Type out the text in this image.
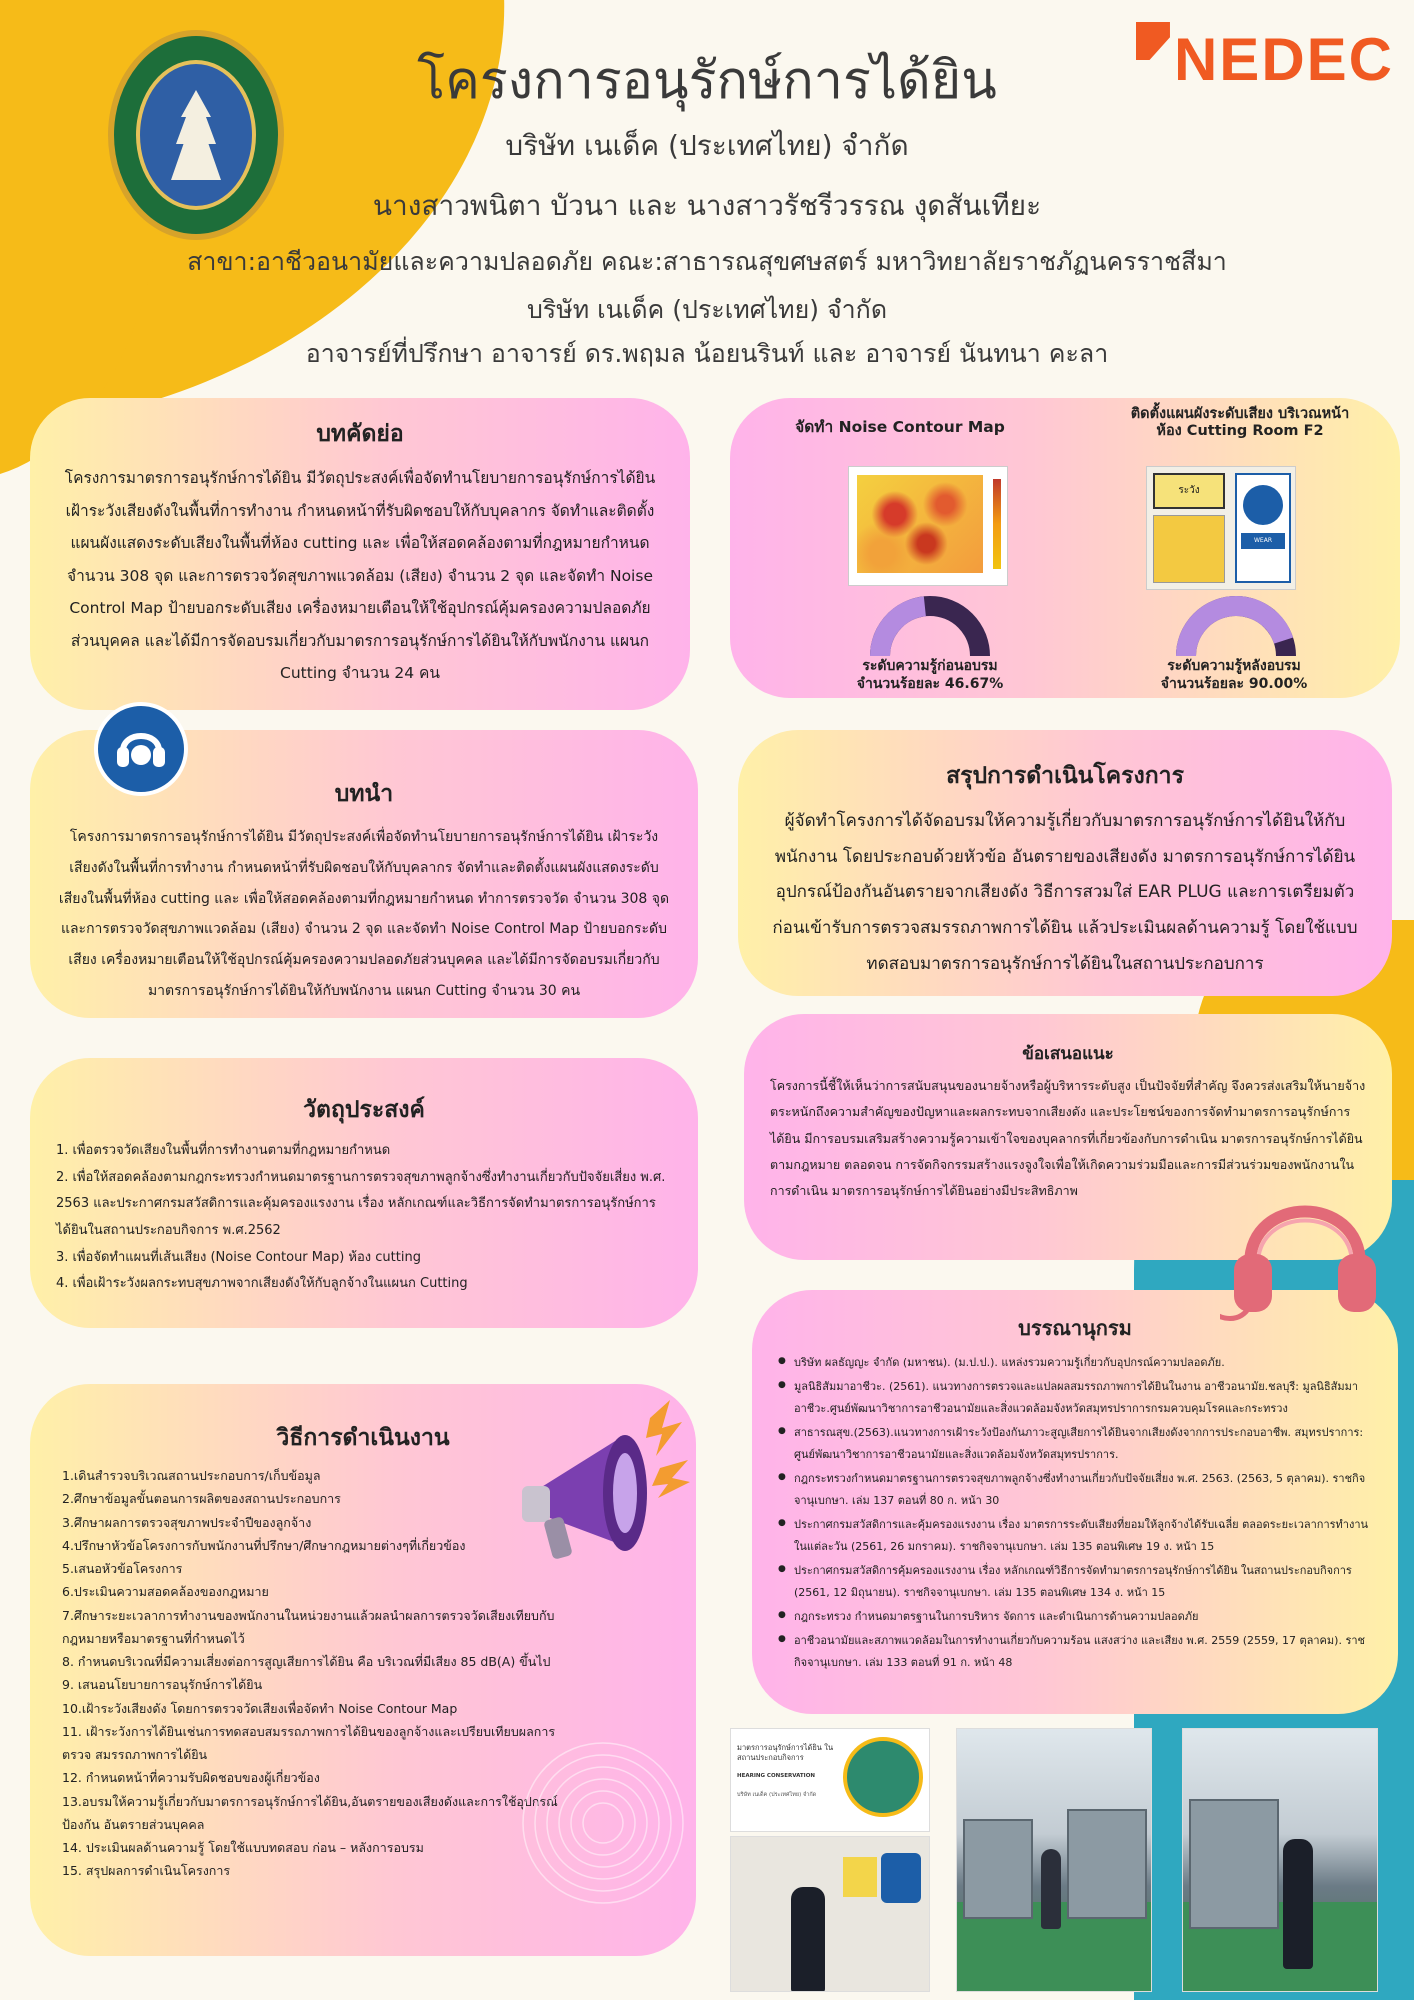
NEDEC
โครงการอนุรักษ์การได้ยิน
บริษัท เนเด็ค (ประเทศไทย) จำกัด
นางสาวพนิตา บัวนา และ นางสาวรัชรีวรรณ งุดสันเทียะ
สาขา:อาชีวอนามัยและความปลอดภัย คณะ:สาธารณสุขศษสตร์ มหาวิทยาลัยราชภัฏนครราชสีมา
บริษัท เนเด็ค (ประเทศไทย) จำกัด
อาจารย์ที่ปรึกษา อาจารย์ ดร.พฤมล น้อยนรินท์ และ อาจารย์ นันทนา คะลา
บทคัดย่อ

โครงการมาตรการอนุรักษ์การได้ยิน มีวัตถุประสงค์เพื่อจัดทำนโยบายการอนุรักษ์การได้ยิน เฝ้าระวังเสียงดังในพื้นที่การทำงาน กำหนดหน้าที่รับผิดชอบให้กับบุคลากร จัดทำและติดตั้งแผนผังแสดงระดับเสียงในพื้นที่ห้อง cutting และ เพื่อให้สอดคล้องตามที่กฎหมายกำหนด จำนวน 308 จุด และการตรวจวัดสุขภาพแวดล้อม (เสียง) จำนวน 2 จุด และจัดทำ Noise Control Map ป้ายบอกระดับเสียง เครื่องหมายเตือนให้ใช้อุปกรณ์คุ้มครองความปลอดภัยส่วนบุคคล และได้มีการจัดอบรมเกี่ยวกับมาตรการอนุรักษ์การได้ยินให้กับพนักงาน แผนก Cutting จำนวน 24 คน

บทนำ

โครงการมาตรการอนุรักษ์การได้ยิน มีวัตถุประสงค์เพื่อจัดทำนโยบายการอนุรักษ์การได้ยิน เฝ้าระวังเสียงดังในพื้นที่การทำงาน กำหนดหน้าที่รับผิดชอบให้กับบุคลากร จัดทำและติดตั้งแผนผังแสดงระดับเสียงในพื้นที่ห้อง cutting และ เพื่อให้สอดคล้องตามที่กฎหมายกำหนด ทำการตรวจวัด จำนวน 308 จุด และการตรวจวัดสุขภาพแวดล้อม (เสียง) จำนวน 2 จุด และจัดทำ Noise Control Map ป้ายบอกระดับเสียง เครื่องหมายเตือนให้ใช้อุปกรณ์คุ้มครองความปลอดภัยส่วนบุคคล และได้มีการจัดอบรมเกี่ยวกับมาตรการอนุรักษ์การได้ยินให้กับพนักงาน แผนก Cutting จำนวน 30 คน

วัตถุประสงค์
1. เพื่อตรวจวัดเสียงในพื้นที่การทำงานตามที่กฎหมายกำหนด
2. เพื่อให้สอดคล้องตามกฎกระทรวงกำหนดมาตรฐานการตรวจสุขภาพลูกจ้างซึ่งทำงานเกี่ยวกับปัจจัยเสี่ยง พ.ศ. 2563 และประกาศกรมสวัสดิการและคุ้มครองแรงงาน เรื่อง หลักเกณฑ์และวิธีการจัดทำมาตรการอนุรักษ์การได้ยินในสถานประกอบกิจการ พ.ศ.2562
3. เพื่อจัดทำแผนที่เส้นเสียง (Noise Contour Map) ห้อง cutting
4. เพื่อเฝ้าระวังผลกระทบสุขภาพจากเสียงดังให้กับลูกจ้างในแผนก Cutting
วิธีการดำเนินงาน
1.เดินสำรวจบริเวณสถานประกอบการ/เก็บข้อมูล
2.ศึกษาข้อมูลขั้นตอนการผลิตของสถานประกอบการ
3.ศึกษาผลการตรวจสุขภาพประจำปีของลูกจ้าง
4.ปรึกษาหัวข้อโครงการกับพนักงานที่ปรึกษา/ศึกษากฎหมายต่างๆที่เกี่ยวข้อง
5.เสนอหัวข้อโครงการ
6.ประเมินความสอดคล้องของกฎหมาย
7.ศึกษาระยะเวลาการทำงานของพนักงานในหน่วยงานแล้วผลนำผลการตรวจวัดเสียงเทียบกับ กฎหมายหรือมาตรฐานที่กำหนดไว้
8. กำหนดบริเวณที่มีความเสี่ยงต่อการสูญเสียการได้ยิน คือ บริเวณที่มีเสียง 85 dB(A) ขึ้นไป
9. เสนอนโยบายการอนุรักษ์การได้ยิน
10.เฝ้าระวังเสียงดัง โดยการตรวจวัดเสียงเพื่อจัดทำ Noise Contour Map
11. เฝ้าระวังการได้ยินเช่นการทดสอบสมรรถภาพการได้ยินของลูกจ้างและเปรียบเทียบผลการตรวจ สมรรถภาพการได้ยิน
12. กำหนดหน้าที่ความรับผิดชอบของผู้เกี่ยวข้อง
13.อบรมให้ความรู้เกี่ยวกับมาตรการอนุรักษ์การได้ยิน,อันตรายของเสียงดังและการใช้อุปกรณ์ป้องกัน อันตรายส่วนบุคคล
14. ประเมินผลด้านความรู้ โดยใช้แบบทดสอบ ก่อน – หลังการอบรม
15. สรุปผลการดำเนินโครงการ
จัดทำ Noise Contour Map
ระดับความรู้ก่อนอบรม
จำนวนร้อยละ 46.67%
ติดตั้งแผนผังระดับเสียง บริเวณหน้าห้อง Cutting Room F2
ระวัง
WEAR EARMUFF
ระดับความรู้หลังอบรม
จำนวนร้อยละ 90.00%
สรุปการดำเนินโครงการ

ผู้จัดทำโครงการได้จัดอบรมให้ความรู้เกี่ยวกับมาตรการอนุรักษ์การได้ยินให้กับพนักงาน โดยประกอบด้วยหัวข้อ อันตรายของเสียงดัง มาตรการอนุรักษ์การได้ยิน อุปกรณ์ป้องกันอันตรายจากเสียงดัง วิธีการสวมใส่ EAR PLUG และการเตรียมตัวก่อนเข้ารับการตรวจสมรรถภาพการได้ยิน แล้วประเมินผลด้านความรู้ โดยใช้แบบทดสอบมาตรการอนุรักษ์การได้ยินในสถานประกอบการ

ข้อเสนอแนะ

โครงการนี้ชี้ให้เห็นว่าการสนับสนุนของนายจ้างหรือผู้บริหารระดับสูง เป็นปัจจัยที่สำคัญ จึงควรส่งเสริมให้นายจ้างตระหนักถึงความสำคัญของปัญหาและผลกระทบจากเสียงดัง และประโยชน์ของการจัดทำมาตรการอนุรักษ์การได้ยิน มีการอบรมเสริมสร้างความรู้ความเข้าใจของบุคลากรที่เกี่ยวข้องกับการดำเนิน มาตรการอนุรักษ์การได้ยินตามกฎหมาย ตลอดจน การจัดกิจกรรมสร้างแรงจูงใจเพื่อให้เกิดความร่วมมือและการมีส่วนร่วมของพนักงานในการดำเนิน มาตรการอนุรักษ์การได้ยินอย่างมีประสิทธิภาพ

บรรณานุกรม
● บริษัท ผลธัญญะ จำกัด (มหาชน). (ม.ป.ป.). แหล่งรวมความรู้เกี่ยวกับอุปกรณ์ความปลอดภัย.
● มูลนิธิสัมมาอาชีวะ. (2561). แนวทางการตรวจและแปลผลสมรรถภาพการได้ยินในงาน อาชีวอนามัย.ชลบุรี: มูลนิธิสัมมาอาชีวะ.ศูนย์พัฒนาวิชาการอาชีวอนามัยและสิ่งแวดล้อมจังหวัดสมุทรปราการกรมควบคุมโรคและกระทรวง
● สาธารณสุข.(2563).แนวทางการเฝ้าระวังป้องกันภาวะสูญเสียการได้ยินจากเสียงดังจากการประกอบอาชีพ. สมุทรปราการ: ศูนย์พัฒนาวิชาการอาชีวอนามัยและสิ่งแวดล้อมจังหวัดสมุทรปราการ.
● กฎกระทรวงกำหนดมาตรฐานการตรวจสุขภาพลูกจ้างซึ่งทำงานเกี่ยวกับปัจจัยเสี่ยง พ.ศ. 2563. (2563, 5 ตุลาคม). ราชกิจจานุเบกษา. เล่ม 137 ตอนที่ 80 ก. หน้า 30
● ประกาศกรมสวัสดิการและคุ้มครองแรงงาน เรื่อง มาตรการระดับเสียงที่ยอมให้ลูกจ้างได้รับเฉลี่ย ตลอดระยะเวลาการทำงานในแต่ละวัน (2561, 26 มกราคม). ราชกิจจานุเบกษา. เล่ม 135 ตอนพิเศษ 19 ง. หน้า 15
● ประกาศกรมสวัสดิการคุ้มครองแรงงาน เรื่อง หลักเกณฑ์วิธีการจัดทำมาตรการอนุรักษ์การได้ยิน ในสถานประกอบกิจการ (2561, 12 มิถุนายน). ราชกิจจานุเบกษา. เล่ม 135 ตอนพิเศษ 134 ง. หน้า 15
● กฎกระทรวง กำหนดมาตรฐานในการบริหาร จัดการ และดำเนินการด้านความปลอดภัย
● อาชีวอนามัยและสภาพแวดล้อมในการทำงานเกี่ยวกับความร้อน แสงสว่าง และเสียง พ.ศ. 2559 (2559, 17 ตุลาคม). ราชกิจจานุเบกษา. เล่ม 133 ตอนที่ 91 ก. หน้า 48
มาตรการอนุรักษ์การได้ยิน ในสถานประกอบกิจการ
HEARING CONSERVATION
บริษัท เนเด็ค (ประเทศไทย) จำกัด
